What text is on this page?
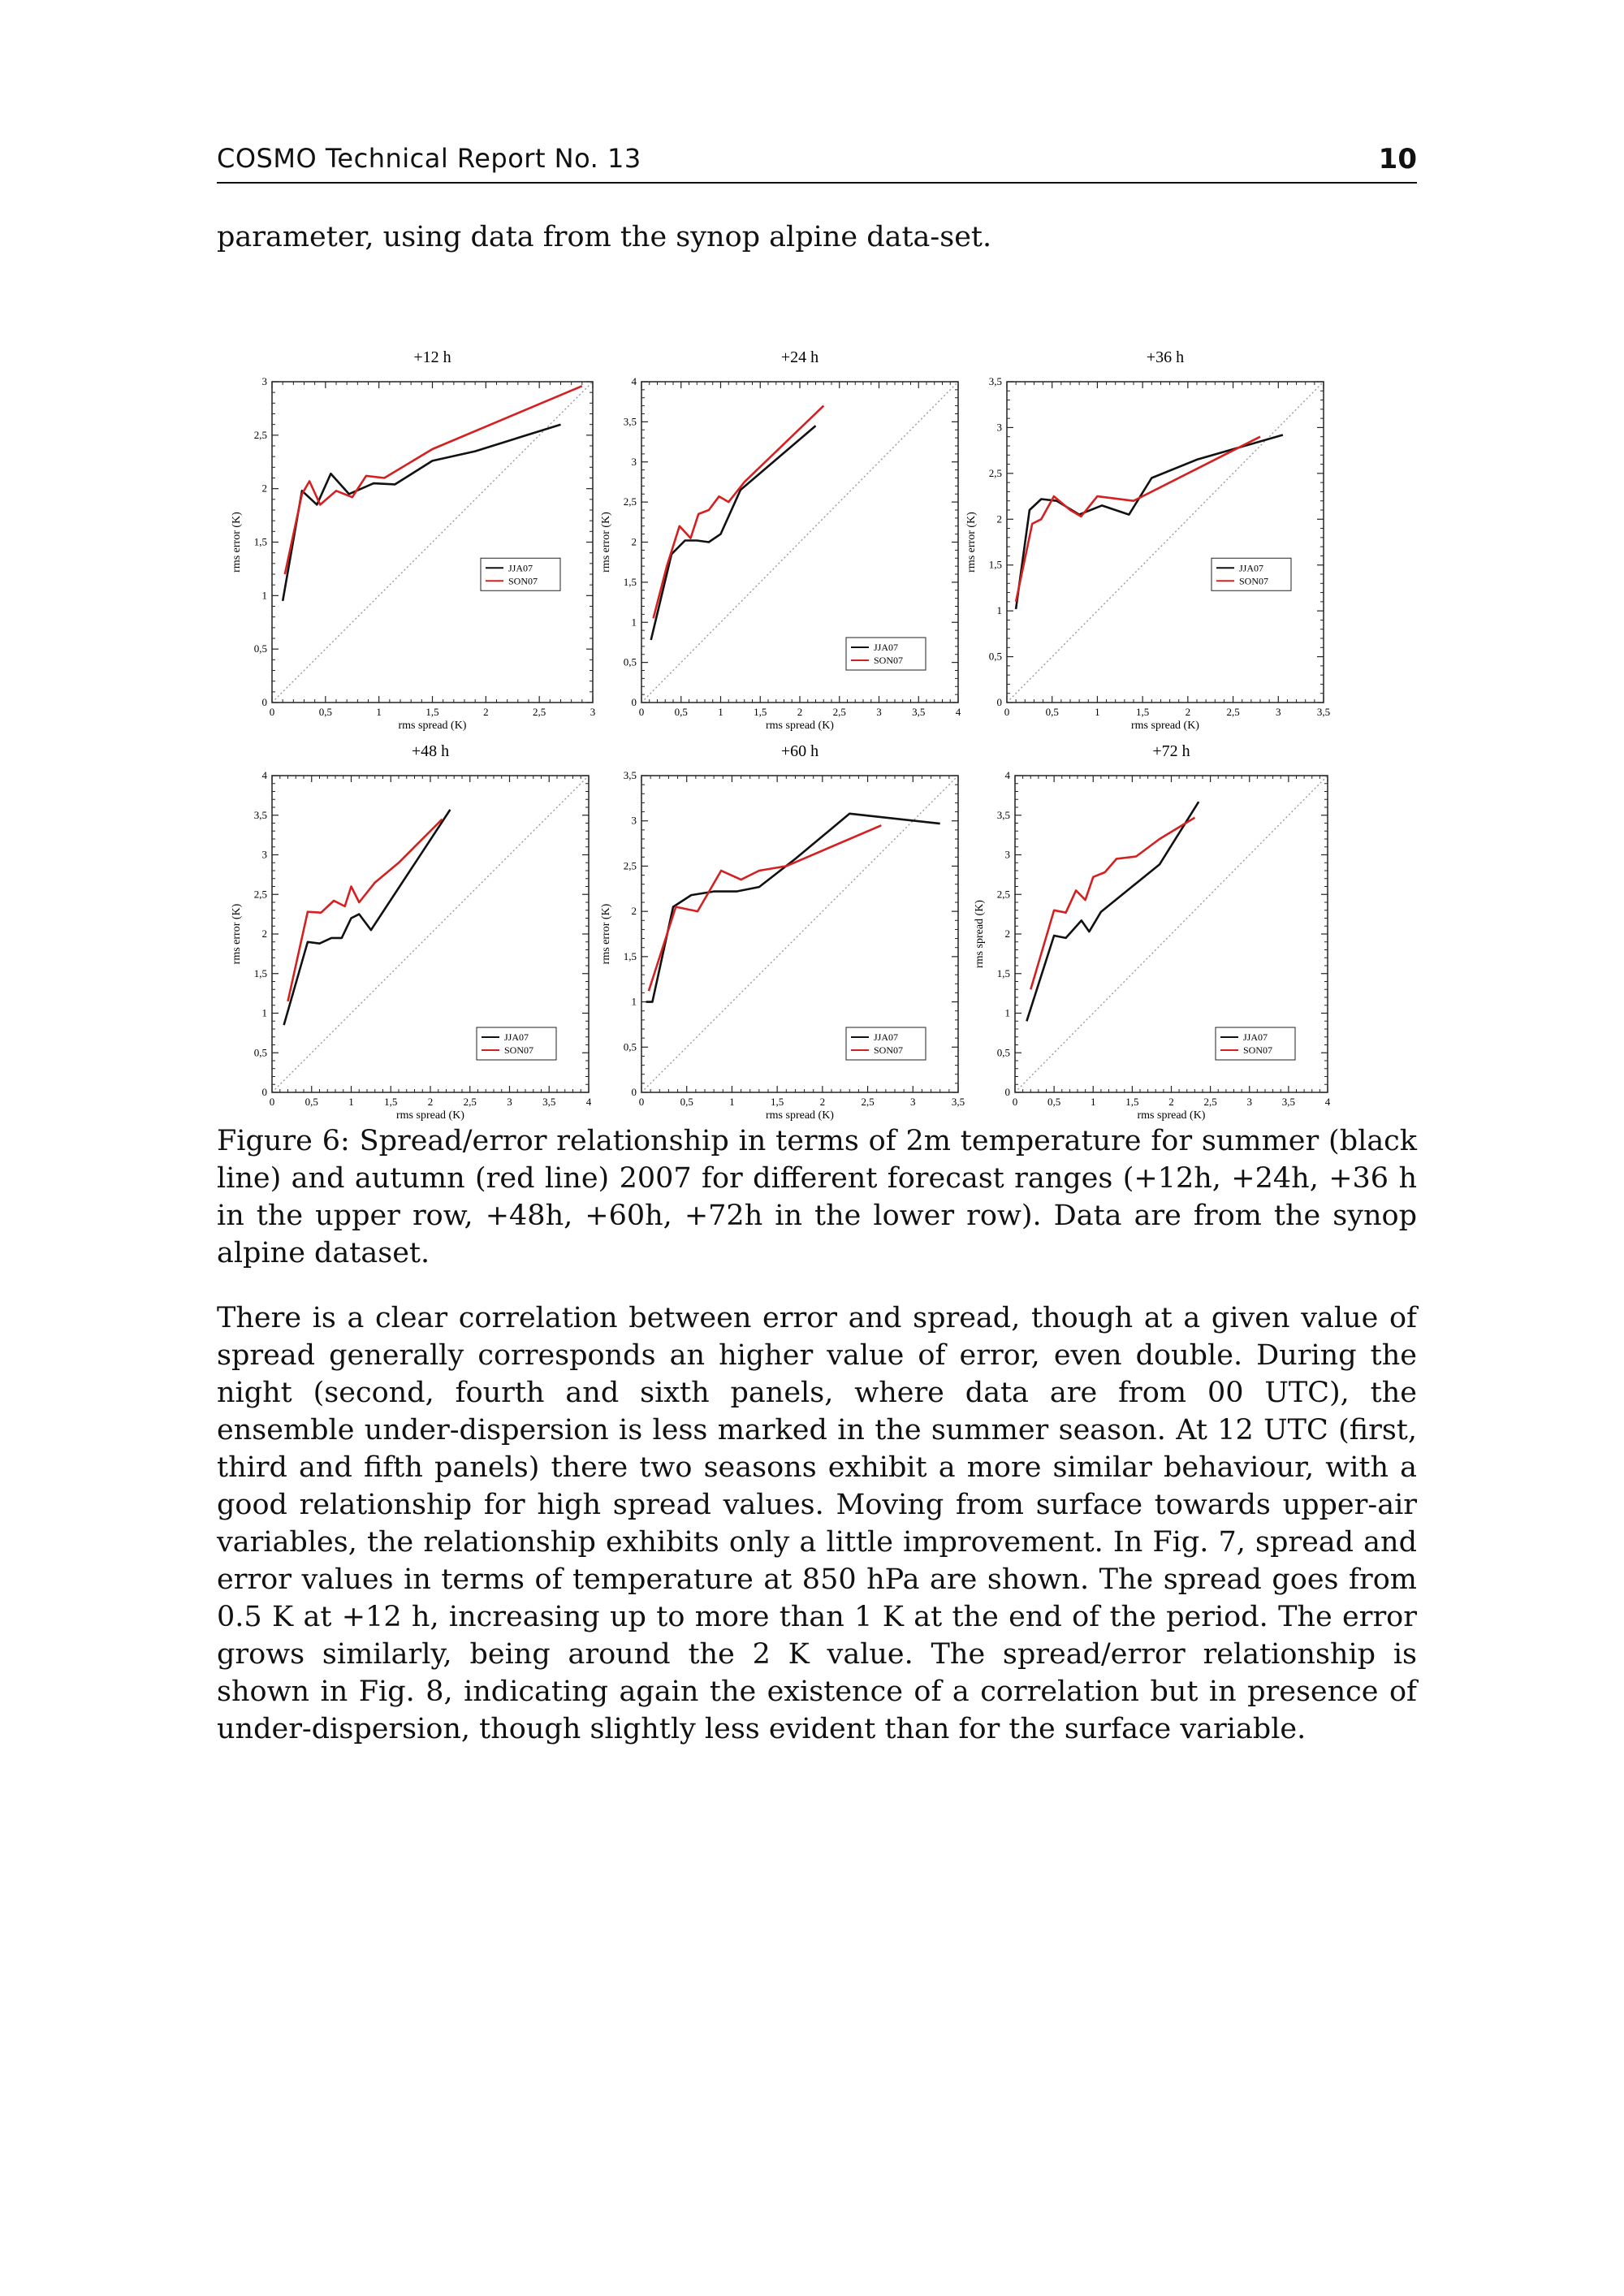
COSMO Technical Report No. 13	10
parameter, using data from the synop alpine data-set.
+12 h
0	0,5	1	1,5	2	2,5	3
0
0,5
1
1,5
2
2,5
3
rms spread (K)
rms error (K)	JJA07
SON07
+24 h
0	0,5	1	1,5	2	2,5	3	3,5	4
0
0,5
1
1,5
2
2,5
3
3,5
4
rms spread (K)
rms error (K)
JJA07
SON07
+36 h
0	0,5	1	1,5	2	2,5	3	3,5
0
0,5
1
1,5
2
2,5
3
3,5
rms spread (K)
rms error (K)	JJA07
SON07
+48 h
0	0,5	1	1,5	2	2,5	3	3,5	4
0
0,5
1
1,5
2
2,5
3
3,5
4
rms spread (K)
rms error (K)
JJA07
SON07
+60 h
0	0,5	1	1,5	2	2,5	3	3,5
0
0,5
1
1,5
2
2,5
3
3,5
rms spread (K)
rms error (K)
JJA07
SON07
+72 h
0	0,5	1	1,5	2	2,5	3	3,5	4
0
0,5
1
1,5
2
2,5
3
3,5
4
rms spread (K)
rms spread (K)
JJA07
SON07
Figure 6: Spread/error relationship in terms of 2m temperature for summer (black line) and autumn (red line) 2007 for different forecast ranges (+12h, +24h, +36 h in the upper row, +48h, +60h, +72h in the lower row). Data are from the synop alpine dataset.
There is a clear correlation between error and spread, though at a given value of spread generally corresponds an higher value of error, even double. During the night (second, fourth and sixth panels, where data are from 00 UTC), the ensemble under-dispersion is less marked in the summer season. At 12 UTC (first, third and fifth panels) there two seasons exhibit a more similar behaviour, with a good relationship for high spread values. Moving from surface towards upper-air variables, the relationship exhibits only a little improvement. In Fig. 7, spread and error values in terms of temperature at 850 hPa are shown. The spread goes from 0.5 K at +12 h, increasing up to more than 1 K at the end of the period. The error grows similarly, being around the 2 K value. The spread/error relationship is shown in Fig. 8, indicating again the existence of a correlation but in presence of under-dispersion, though slightly less evident than for the surface variable.
